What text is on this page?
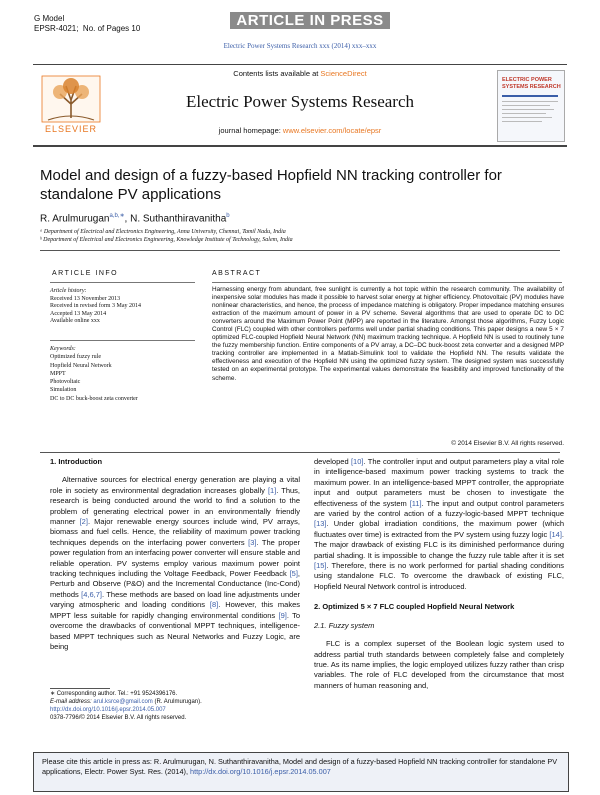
G Model
EPSR-4021; No. of Pages 10	ARTICLE IN PRESS
Electric Power Systems Research xxx (2014) xxx–xxx
Contents lists available at ScienceDirect
ELSEVIER
Electric Power Systems Research
journal homepage: www.elsevier.com/locate/epsr
ELECTRIC POWER
SYSTEMS RESEARCH
Model and design of a fuzzy-based Hopfield NN tracking controller for standalone PV applications
R. Arulmurugan$^{a,b,∗}$, N. Suthanthiravanitha$^b$
ᵃ Department of Electrical and Electronics Engineering, Anna University, Chennai, Tamil Nadu, India
ᵇ Department of Electrical and Electronics Engineering, Knowledge Institute of Technology, Salem, India
ARTICLE INFO
Article history:
Received 13 November 2013
Received in revised form 3 May 2014
Accepted 13 May 2014
Available online xxx
Keywords:
Optimized fuzzy rule
Hopfield Neural Network
MPPT
Photovoltaic
Simulation
DC to DC buck-boost zeta converter
ABSTRACT
Harnessing energy from abundant, free sunlight is currently a hot topic within the research community. The availability of inexpensive solar modules has made it possible to harvest solar energy at higher efficiency. Photovoltaic (PV) modules have nonlinear characteristics, and hence, the process of impedance matching is obligatory. Proper impedance matching ensures extraction of the maximum amount of power in a PV scheme. Several algorithms that are used to operate DC to DC converters around the Maximum Power Point (MPP) are reported in the literature. Amongst those algorithms, Fuzzy Logic Control (FLC) coupled with other controllers performs well under partial shading conditions. This paper designs a new 5 × 7 optimized FLC-coupled Hopfield Neural Network (NN) maximum tracking technique. A Hopfield NN is used to routinely tune the fuzzy membership function. Entire components of a PV array, a DC–DC buck-boost zeta converter and a designed MPP tracking controller are implemented in a Matlab-Simulink tool to validate the Hopfield NN. The results validate the effectiveness and execution of the Hopfield NN using the optimized fuzzy system. The designed system was successfully tested on an experimental prototype. The experimental values demonstrate the feasibility and improved functionality of the scheme.
© 2014 Elsevier B.V. All rights reserved.
1. Introduction

Alternative sources for electrical energy generation are playing a vital role in society as environmental degradation increases globally [1]. Thus, research is being conducted around the world to find a solution to the problem of generating electrical power in an environmentally friendly manner [2]. Major renewable energy sources include wind, PV arrays, biomass and fuel cells. Hence, the reliability of maximum power tracking techniques depends on the interfacing power converters [3]. The proper power regulation from an interfacing power converter will ensure stable and reliable operation. PV systems employ various maximum power point tracking techniques including the Voltage Feedback, Power Feedback [5], Perturb and Observe (P&O) and the Incremental Conductance (Inc-Cond) methods [4,6,7]. These methods are based on load line adjustments under varying atmospheric and loading conditions [8]. However, this makes MPPT less suitable for rapidly changing environmental conditions [9]. To overcome the drawbacks of conventional MPPT techniques, intelligence-based MPPT techniques such as Neural Networks and Fuzzy Logic, are being

developed [10]. The controller input and output parameters play a vital role in intelligence-based maximum power tracking systems to track the maximum power. In an intelligence-based MPPT controller, the appropriate input and output parameters must be chosen to investigate the effectiveness of the system [11]. The input and output control parameters are varied by the control action of a fuzzy-logic-based MPPT technique [13]. Under global irradiation conditions, the maximum power (which fluctuates over time) is extracted from the PV system using fuzzy logic [14]. The major drawback of existing FLC is its diminished performance during partial shading. It is impossible to change the fuzzy rule table after it is set [15]. Therefore, there is no work performed for partial shading conditions using standalone FLC. To overcome the drawback of existing FLC, Hopfield Neural Network control is introduced.

2. Optimized 5 × 7 FLC coupled Hopfield Neural Network
2.1. Fuzzy system

FLC is a complex superset of the Boolean logic system used to address partial truth standards between completely false and completely true. As its name implies, the logic employed utilizes fuzzy rather than crisp variables. The role of FLC developed from the circumstance that most manners of human reasoning and,

∗ Corresponding author. Tel.: +91 9524396176.
E-mail address: arul.ksrce@gmail.com (R. Arulmurugan).
http://dx.doi.org/10.1016/j.epsr.2014.05.007
0378-7796/© 2014 Elsevier B.V. All rights reserved.
Please cite this article in press as: R. Arulmurugan, N. Suthanthiravanitha, Model and design of a fuzzy-based Hopfield NN tracking controller for standalone PV applications, Electr. Power Syst. Res. (2014), http://dx.doi.org/10.1016/j.epsr.2014.05.007
